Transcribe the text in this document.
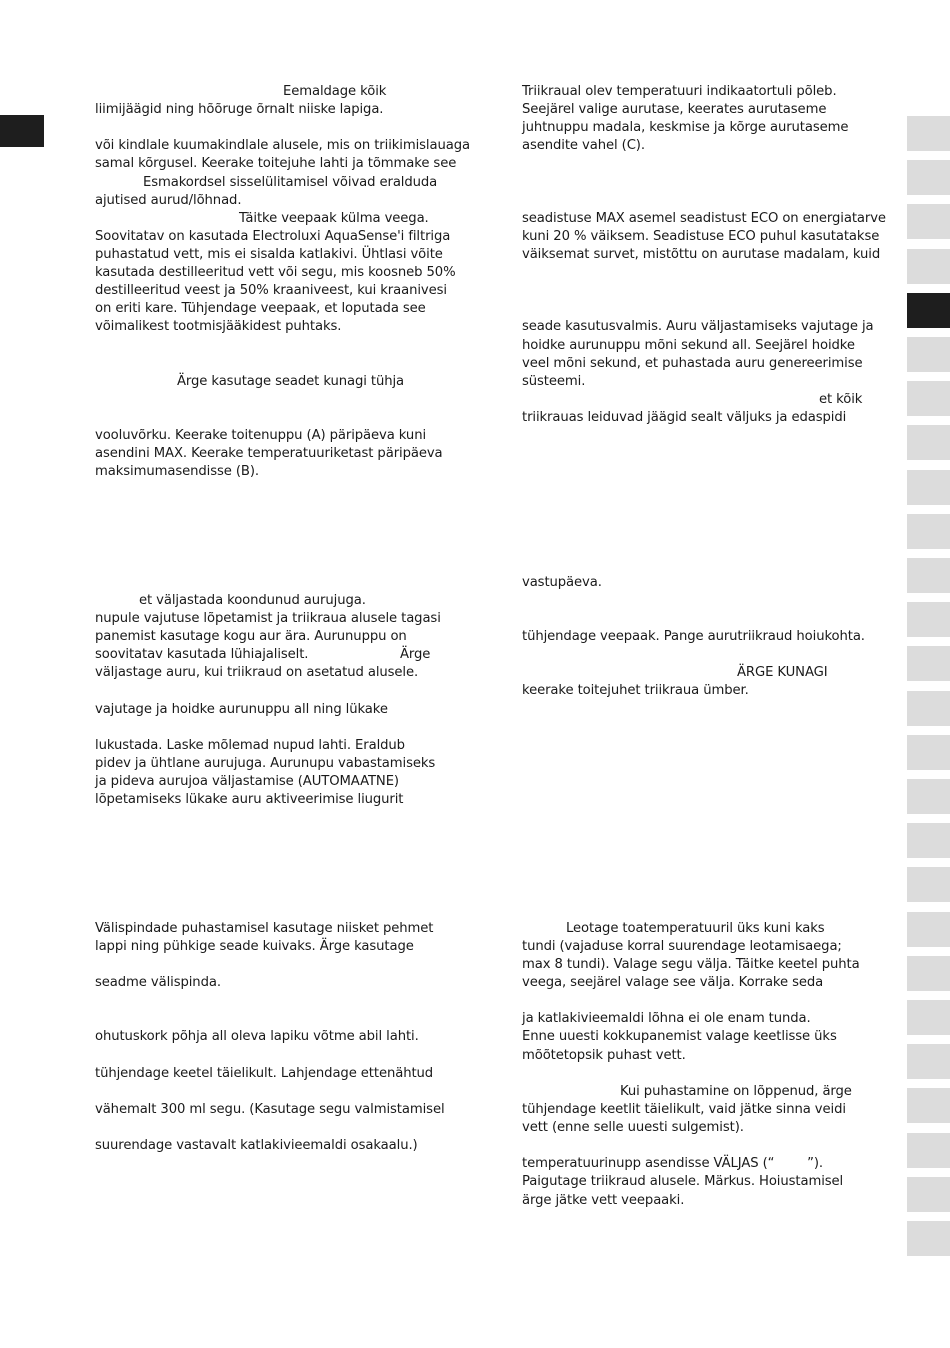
Eemaldage kõik
liimijäägid ning hõõruge õrnalt niiske lapiga.
või kindlale kuumakindlale alusele, mis on triikimislauaga
samal kõrgusel. Keerake toitejuhe lahti ja tõmmake see
Esmakordsel sisselülitamisel võivad eralduda
ajutised aurud/lõhnad.
Täitke veepaak külma veega.
Soovitatav on kasutada Electroluxi AquaSense'i filtriga
puhastatud vett, mis ei sisalda katlakivi. Ühtlasi võite
kasutada destilleeritud vett või segu, mis koosneb 50%
destilleeritud veest ja 50% kraaniveest, kui kraanivesi
on eriti kare. Tühjendage veepaak, et loputada see
võimalikest tootmisjääkidest puhtaks.
Ärge kasutage seadet kunagi tühja
vooluvõrku. Keerake toitenuppu (A) päripäeva kuni
asendini MAX. Keerake temperatuuriketast päripäeva
maksimumasendisse (B).
et väljastada koondunud aurujuga.
nupule vajutuse lõpetamist ja triikraua alusele tagasi
panemist kasutage kogu aur ära. Aurunuppu on
soovitatav kasutada lühiajaliselt.	Ärge
väljastage auru, kui triikraud on asetatud alusele.
vajutage ja hoidke aurunuppu all ning lükake
lukustada. Laske mõlemad nupud lahti. Eraldub
pidev ja ühtlane aurujuga. Aurunupu vabastamiseks
ja pideva aurujoa väljastamise (AUTOMAATNE)
lõpetamiseks lükake auru aktiveerimise liugurit
Välispindade puhastamisel kasutage niisket pehmet
lappi ning pühkige seade kuivaks. Ärge kasutage
seadme välispinda.
ohutuskork põhja all oleva lapiku võtme abil lahti.
tühjendage keetel täielikult. Lahjendage ettenähtud
vähemalt 300 ml segu. (Kasutage segu valmistamisel
suurendage vastavalt katlakivieemaldi osakaalu.)
Triikraual olev temperatuuri indikaatortuli põleb.
Seejärel valige aurutase, keerates aurutaseme
juhtnuppu madala, keskmise ja kõrge aurutaseme
asendite vahel (C).
seadistuse MAX asemel seadistust ECO on energiatarve
kuni 20 % väiksem. Seadistuse ECO puhul kasutatakse
väiksemat survet, mistõttu on aurutase madalam, kuid
seade kasutusvalmis. Auru väljastamiseks vajutage ja
hoidke aurunuppu mõni sekund all. Seejärel hoidke
veel mõni sekund, et puhastada auru genereerimise
süsteemi.
et kõik
triikrauas leiduvad jäägid sealt väljuks ja edaspidi
vastupäeva.
tühjendage veepaak. Pange aurutriikraud hoiukohta.
ÄRGE KUNAGI
keerake toitejuhet triikraua ümber.
Leotage toatemperatuuril üks kuni kaks
tundi (vajaduse korral suurendage leotamisaega;
max 8 tundi). Valage segu välja. Täitke keetel puhta
veega, seejärel valage see välja. Korrake seda
ja katlakivieemaldi lõhna ei ole enam tunda.
Enne uuesti kokkupanemist valage keetlisse üks
mõõtetopsik puhast vett.
Kui puhastamine on lõppenud, ärge
tühjendage keetlit täielikult, vaid jätke sinna veidi
vett (enne selle uuesti sulgemist).
temperatuurinupp asendisse VÄLJAS (“        ”).
Paigutage triikraud alusele. Märkus. Hoiustamisel
ärge jätke vett veepaaki.
